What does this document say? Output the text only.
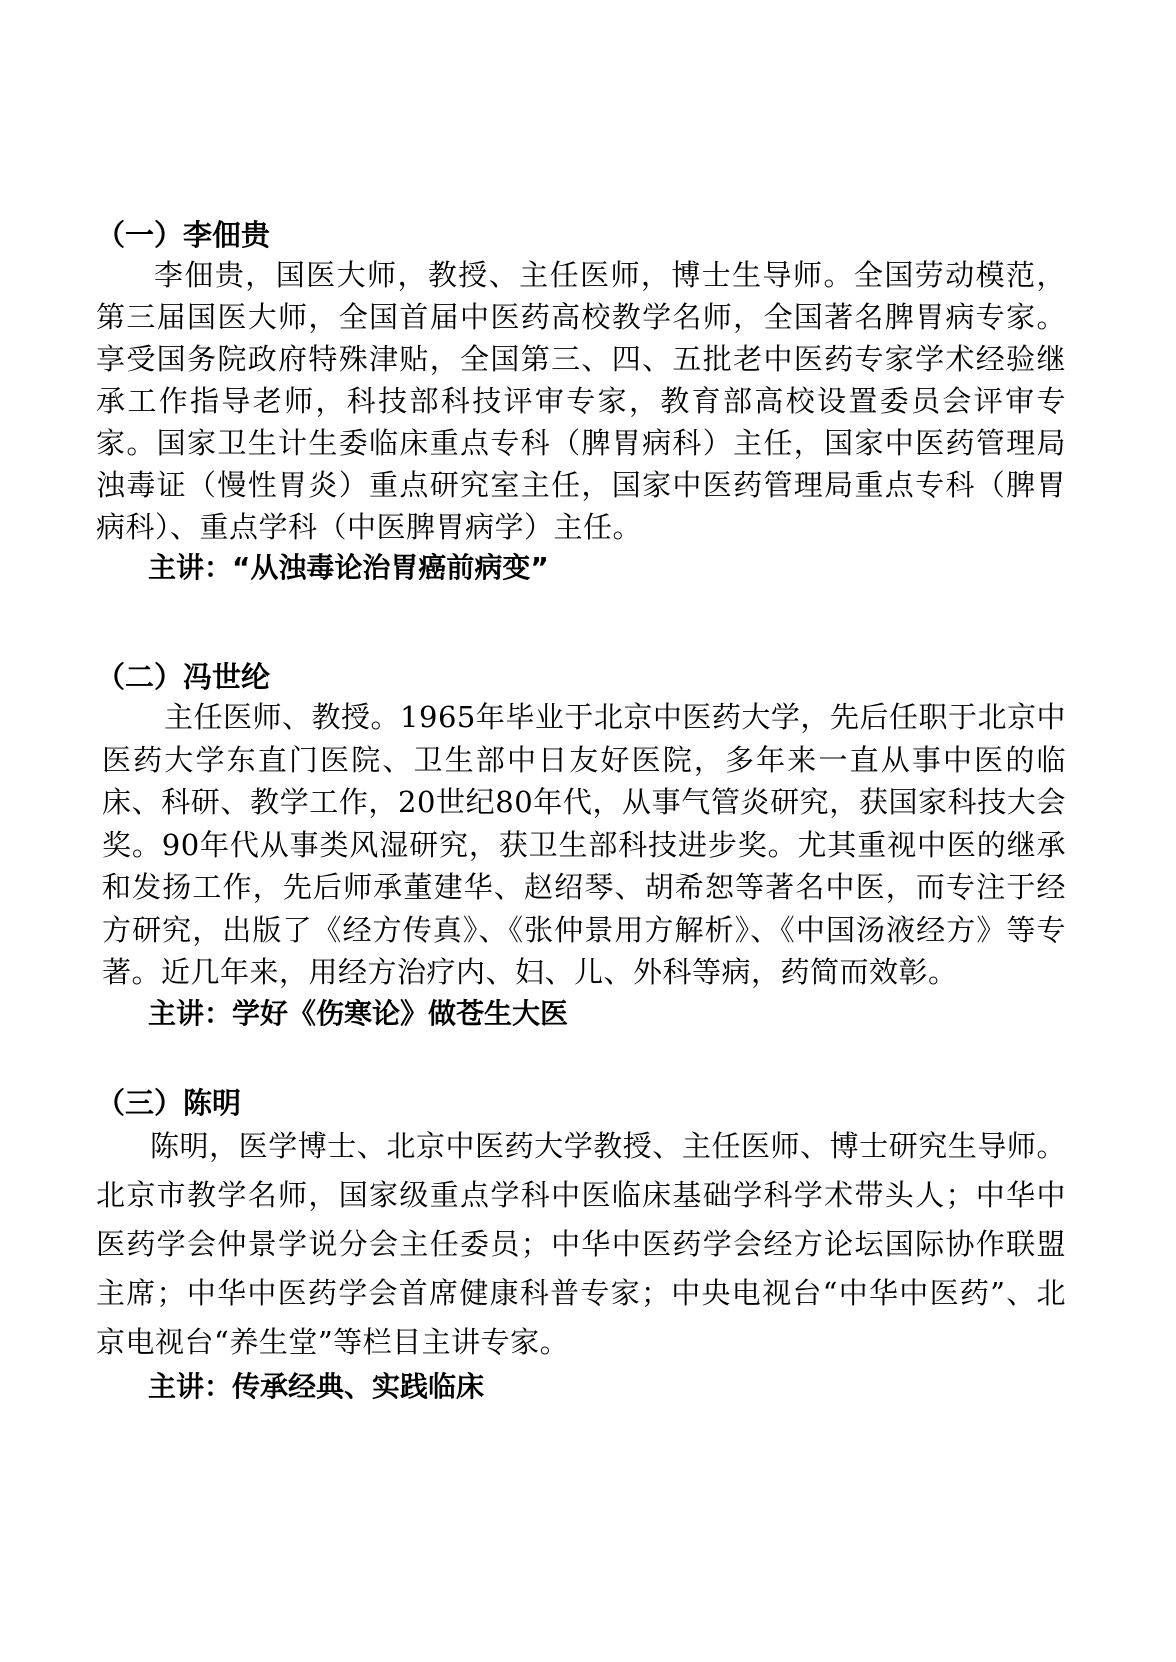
（一）李佃贵

李佃贵，国医大师，教授、主任医师，博士生导师。全国劳动模范，第三届国医大师，全国首届中医药高校教学名师，全国著名脾胃病专家。享受国务院政府特殊津贴，全国第三、四、五批老中医药专家学术经验继承工作指导老师，科技部科技评审专家，教育部高校设置委员会评审专家。国家卫生计生委临床重点专科（脾胃病科）主任，国家中医药管理局浊毒证（慢性胃炎）重点研究室主任，国家中医药管理局重点专科（脾胃病科）、重点学科（中医脾胃病学）主任。

主讲：“从浊毒论治胃癌前病变”

（二）冯世纶

主任医师、教授。1965年毕业于北京中医药大学，先后任职于北京中医药大学东直门医院、卫生部中日友好医院，多年来一直从事中医的临床、科研、教学工作，20世纪80年代，从事气管炎研究，获国家科技大会奖。90年代从事类风湿研究，获卫生部科技进步奖。尤其重视中医的继承和发扬工作，先后师承董建华、赵绍琴、胡希恕等著名中医，而专注于经方研究，出版了《经方传真》、《张仲景用方解析》、《中国汤液经方》等专著。近几年来，用经方治疗内、妇、儿、外科等病，药简而效彰。

主讲：学好《伤寒论》做苍生大医

（三）陈明

陈明，医学博士、北京中医药大学教授、主任医师、博士研究生导师。北京市教学名师，国家级重点学科中医临床基础学科学术带头人；中华中医药学会仲景学说分会主任委员；中华中医药学会经方论坛国际协作联盟主席；中华中医药学会首席健康科普专家；中央电视台“中华中医药”、北京电视台“养生堂”等栏目主讲专家。

主讲：传承经典、实践临床
